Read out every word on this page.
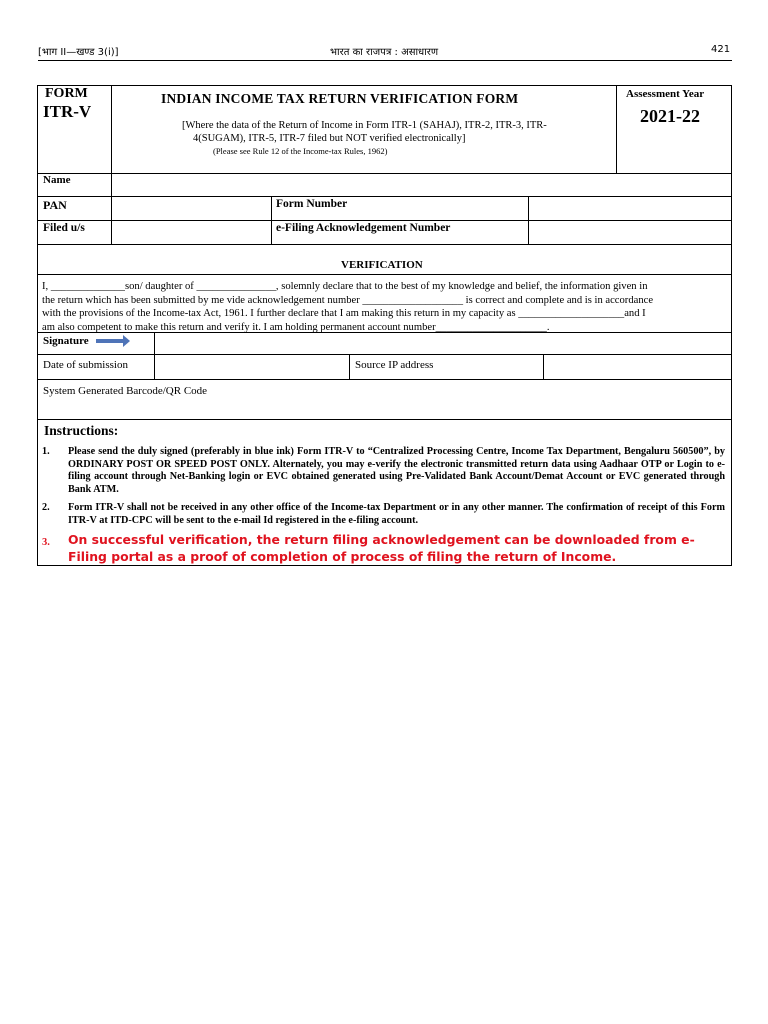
[भाग II—खण्ड 3(i)]	भारत का राजपत्र : असाधारण	421
FORM
ITR-V
INDIAN INCOME TAX RETURN VERIFICATION FORM
[Where the data of the Return of Income in Form ITR-1 (SAHAJ), ITR-2, ITR-3, ITR-
4(SUGAM), ITR-5, ITR-7 filed but NOT verified electronically]
(Please see Rule 12 of the Income-tax Rules, 1962)
Assessment Year
2021-22
Name
PAN	Form Number
Filed u/s	e-Filing Acknowledgement Number
VERIFICATION
I, ______________son/ daughter of _______________, solemnly declare that to the best of my knowledge and belief, the information given in
the return which has been submitted by me vide acknowledgement number ___________________ is correct and complete and is in accordance
with the provisions of the Income-tax Act, 1961. I further declare that I am making this return in my capacity as ____________________and I
am also competent to make this return and verify it. I am holding permanent account number_____________________.
Signature
Date of submission	Source IP address
System Generated Barcode/QR Code
Instructions:
1. Please send the duly signed (preferably in blue ink) Form ITR-V to “Centralized Processing Centre, Income Tax Department, Bengaluru 560500”, by ORDINARY POST OR SPEED POST ONLY. Alternately, you may e-verify the electronic transmitted return data using Aadhaar OTP or Login to e-filing account through Net-Banking login or EVC obtained generated using Pre-Validated Bank Account/Demat Account or EVC generated through Bank ATM.
2. Form ITR-V shall not be received in any other office of the Income-tax Department or in any other manner. The confirmation of receipt of this Form ITR-V at ITD-CPC will be sent to the e-mail Id registered in the e-filing account.
3. On successful verification, the return filing acknowledgement can be downloaded from e-Filing portal as a proof of completion of process of filing the return of Income.
